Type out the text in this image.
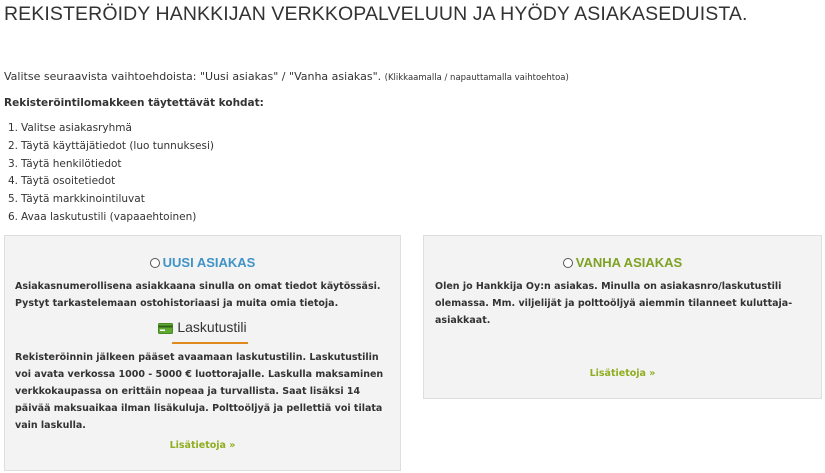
REKISTERÖIDY HANKKIJAN VERKKOPALVELUUN JA HYÖDY ASIAKASEDUISTA.
Valitse seuraavista vaihtoehdoista: "Uusi asiakas" / "Vanha asiakas". (Klikkaamalla / napauttamalla vaihtoehtoa)
Rekisteröintilomakkeen täytettävät kohdat:
1. Valitse asiakasryhmä
2. Täytä käyttäjätiedot (luo tunnuksesi)
3. Täytä henkilötiedot
4. Täytä osoitetiedot
5. Täytä markkinointiluvat
6. Avaa laskutustili (vapaaehtoinen)
UUSI ASIAKAS
Asiakasnumerollisena asiakkaana sinulla on omat tiedot käytössäsi. Pystyt tarkastelemaan ostohistoriaasi ja muita omia tietoja.
Laskutustili
Rekisteröinnin jälkeen pääset avaamaan laskutustilin. Laskutustilin voi avata verkossa 1000 - 5000 € luottorajalle. Laskulla maksaminen verkkokaupassa on erittäin nopeaa ja turvallista. Saat lisäksi 14 päivää maksuaikaa ilman lisäkuluja. Polttoöljyä ja pellettiä voi tilata vain laskulla.
Lisätietoja »
VANHA ASIAKAS
Olen jo Hankkija Oy:n asiakas. Minulla on asiakasnro/laskutustili olemassa. Mm. viljelijät ja polttoöljyä aiemmin tilanneet kuluttaja-asiakkaat.
Lisätietoja »
